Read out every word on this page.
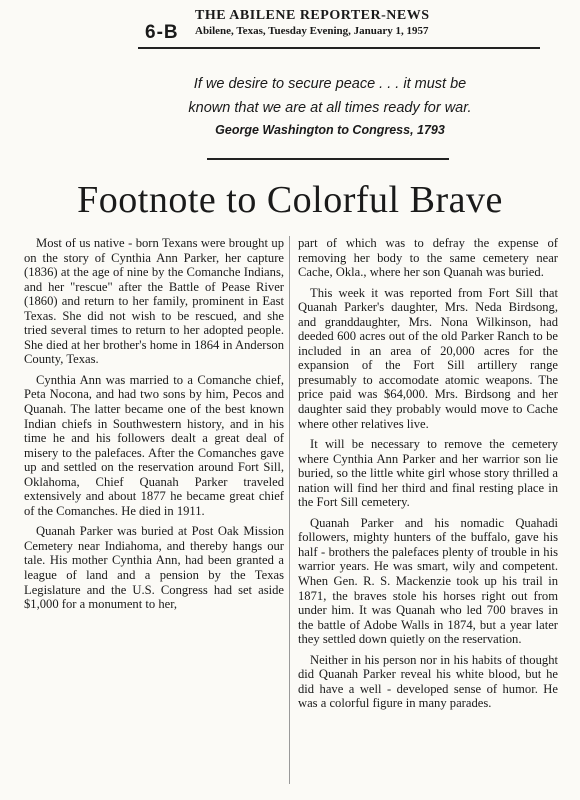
6-B
THE ABILENE REPORTER-NEWS
Abilene, Texas, Tuesday Evening, January 1, 1957
If we desire to secure peace . . . it must be
known that we are at all times ready for war.
George Washington to Congress, 1793
Footnote to Colorful Brave

Most of us native - born Texans were brought up on the story of Cynthia Ann Parker, her capture (1836) at the age of nine by the Comanche Indians, and her "rescue" after the Battle of Pease River (1860) and return to her family, prominent in East Texas. She did not wish to be rescued, and she tried several times to return to her adopted people. She died at her brother's home in 1864 in Anderson County, Texas.

Cynthia Ann was married to a Comanche chief, Peta Nocona, and had two sons by him, Pecos and Quanah. The latter became one of the best known Indian chiefs in Southwestern history, and in his time he and his followers dealt a great deal of misery to the palefaces. After the Comanches gave up and settled on the reservation around Fort Sill, Oklahoma, Chief Quanah Parker traveled extensively and about 1877 he became great chief of the Comanches. He died in 1911.

Quanah Parker was buried at Post Oak Mission Cemetery near Indiahoma, and thereby hangs our tale. His mother Cynthia Ann, had been granted a league of land and a pension by the Texas Legislature and the U.S. Congress had set aside $1,000 for a monument to her,

part of which was to defray the expense of removing her body to the same cemetery near Cache, Okla., where her son Quanah was buried.

This week it was reported from Fort Sill that Quanah Parker's daughter, Mrs. Neda Birdsong, and granddaughter, Mrs. Nona Wilkinson, had deeded 600 acres out of the old Parker Ranch to be included in an area of 20,000 acres for the expansion of the Fort Sill artillery range presumably to accomodate atomic weapons. The price paid was $64,000. Mrs. Birdsong and her daughter said they probably would move to Cache where other relatives live.

It will be necessary to remove the cemetery where Cynthia Ann Parker and her warrior son lie buried, so the little white girl whose story thrilled a nation will find her third and final resting place in the Fort Sill cemetery.

Quanah Parker and his nomadic Quahadi followers, mighty hunters of the buffalo, gave his half - brothers the palefaces plenty of trouble in his warrior years. He was smart, wily and competent. When Gen. R. S. Mackenzie took up his trail in 1871, the braves stole his horses right out from under him. It was Quanah who led 700 braves in the battle of Adobe Walls in 1874, but a year later they settled down quietly on the reservation.

Neither in his person nor in his habits of thought did Quanah Parker reveal his white blood, but he did have a well - developed sense of humor. He was a colorful figure in many parades.
